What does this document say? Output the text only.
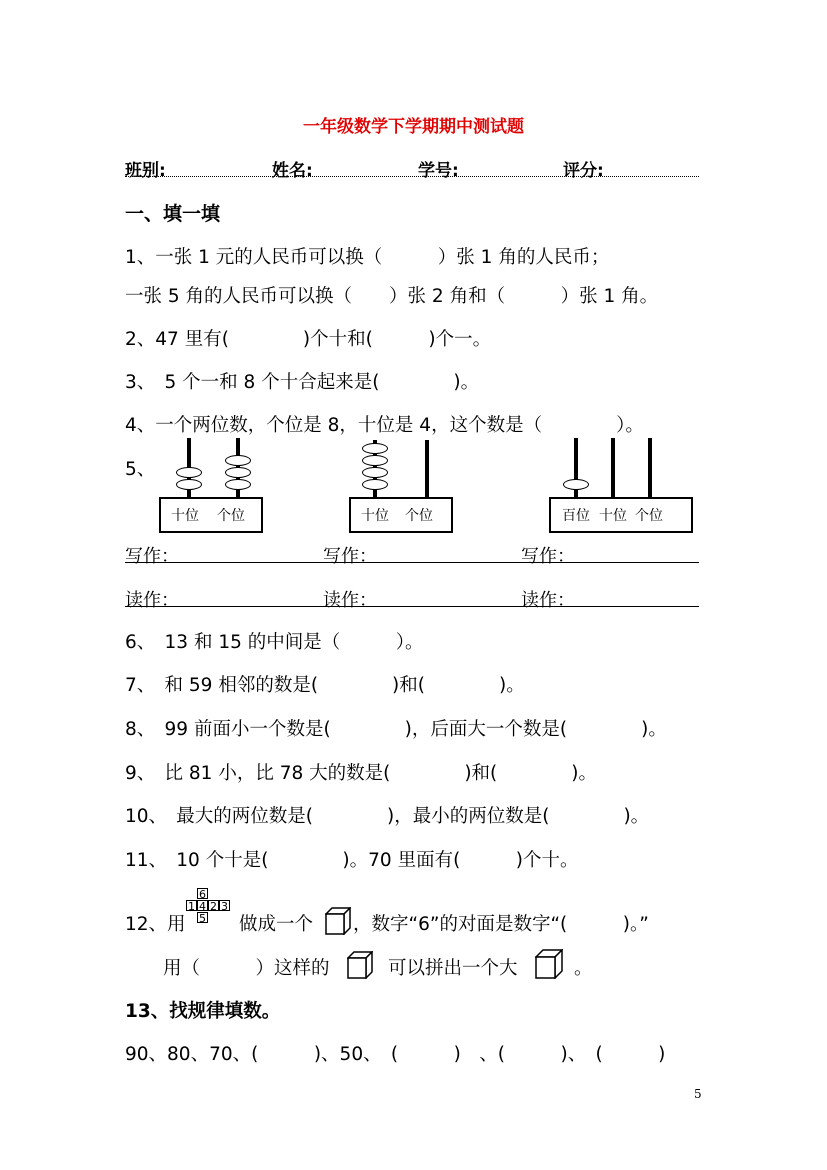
一年级数学下学期期中测试题
班别:	姓名:	学号:	评分:
一、填一填
1、一张 1 元的人民币可以换（　　　）张 1 角的人民币；
一张 5 角的人民币可以换（　　）张 2 角和（　　　）张 1 角。
2、47 里有(　　　　)个十和(　　　)个一。
3、　5 个一和 8 个十合起来是(　　　　)。
4、一个两位数，个位是 8，十位是 4，这个数是（　　　　）。
5、
十位 个位	十位 个位	百位 十位 个位
写作：	写作：	写作：
读作：	读作：	读作：
6、　13 和 15 的中间是（　　　）。
7、　和 59 相邻的数是(　　　　)和(　　　　)。
8、　99 前面小一个数是(　　　　)，后面大一个数是(　　　　)。
9、　比 81 小，比 78 大的数是(　　　　)和(　　　　)。
10、　最大的两位数是(　　　　)，最小的两位数是(　　　　)。
11、　10 个十是(　　　　)。70 里面有(　　　)个十。
12、用
6
1 4 2 3
5 做成一个 ，数字“6”的对面是数字“(　　　)。”
用（　　　）这样的	可以拼出一个大	。
13、找规律填数。
90、80、70、(　　　)、50、　(　　　)　、(　　　)、　(　　　)
5
